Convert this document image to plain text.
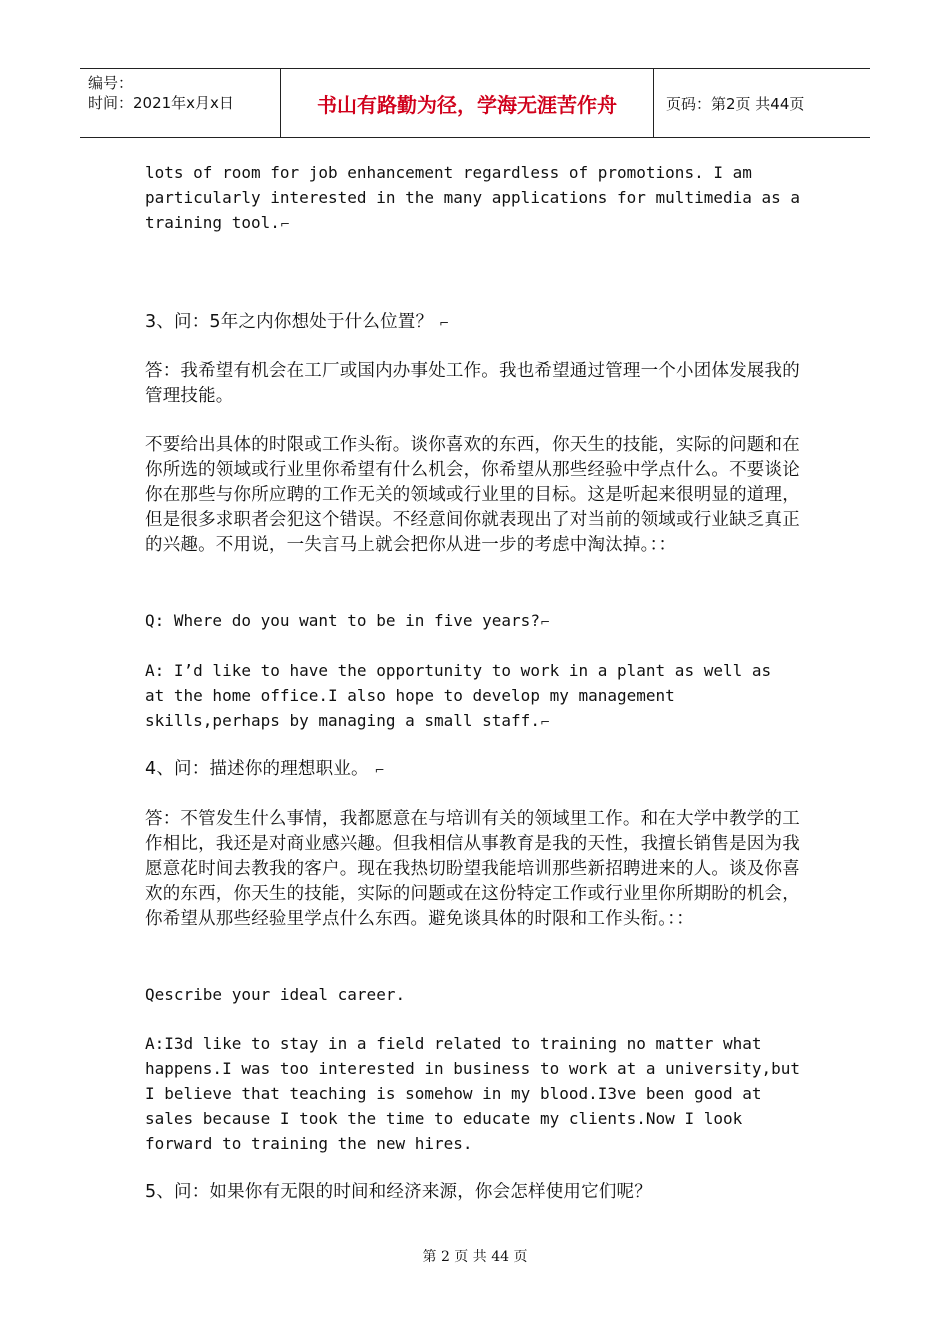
编号：
时间：2021年x月x日	书山有路勤为径，学海无涯苦作舟	页码：第2页 共44页

lots of room for job enhancement regardless of promotions. I am
particularly interested in the many applications for multimedia as a
training tool.⌐

3、问：5年之内你想处于什么位置？ ⌐

答：我希望有机会在工厂或国内办事处工作。我也希望通过管理一个小团体发展我的管理技能。

不要给出具体的时限或工作头衔。谈你喜欢的东西，你天生的技能，实际的问题和在你所选的领域或行业里你希望有什么机会，你希望从那些经验中学点什么。不要谈论你在那些与你所应聘的工作无关的领域或行业里的目标。这是听起来很明显的道理，但是很多求职者会犯这个错误。不经意间你就表现出了对当前的领域或行业缺乏真正的兴趣。不用说，一失言马上就会把你从进一步的考虑中淘汰掉。：：

Q: Where do you want to be in five years?⌐

A: I’d like to have the opportunity to work in a plant as well as
at the home office.I also hope to develop my management
skills,perhaps by managing a small staff.⌐

4、问：描述你的理想职业。 ⌐

答：不管发生什么事情，我都愿意在与培训有关的领域里工作。和在大学中教学的工作相比，我还是对商业感兴趣。但我相信从事教育是我的天性，我擅长销售是因为我愿意花时间去教我的客户。现在我热切盼望我能培训那些新招聘进来的人。谈及你喜欢的东西，你天生的技能，实际的问题或在这份特定工作或行业里你所期盼的机会，你希望从那些经验里学点什么东西。避免谈具体的时限和工作头衔。：：

Qescribe your ideal career.

A:I3d like to stay in a field related to training no matter what
happens.I was too interested in business to work at a university,but
I believe that teaching is somehow in my blood.I3ve been good at
sales because I took the time to educate my clients.Now I look
forward to training the new hires.

5、问：如果你有无限的时间和经济来源，你会怎样使用它们呢？

第 2 页 共 44 页
